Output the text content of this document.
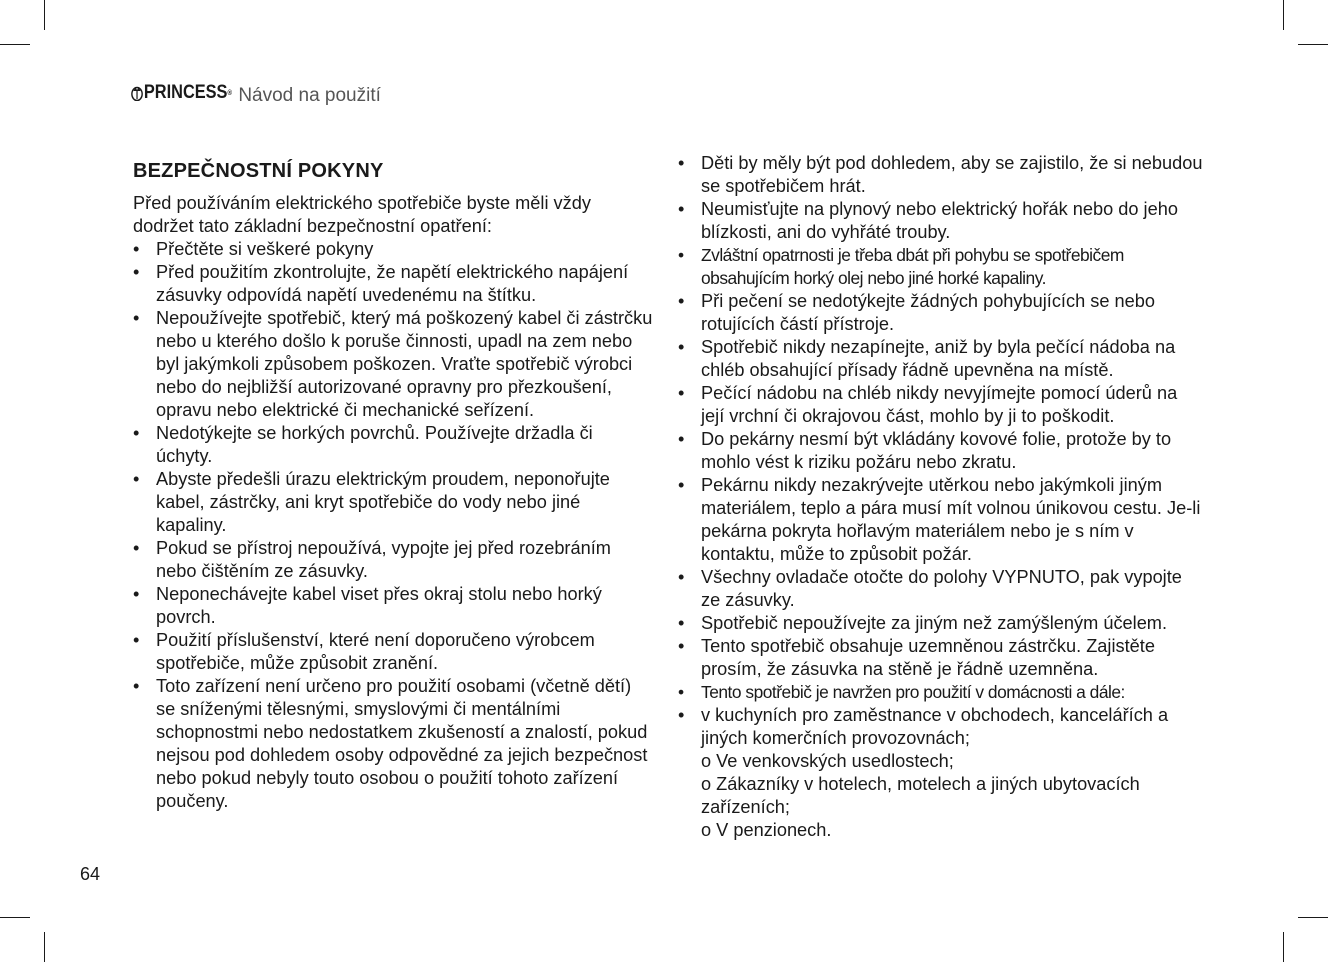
PRINCESS ® Návod na použití
BEZPEČNOSTNÍ POKYNY

Před používáním elektrického spotřebiče byste měli vždy dodržet tato základní bezpečnostní opatření:

• Přečtěte si veškeré pokyny
• Před použitím zkontrolujte, že napětí elektrického napájení zásuvky odpovídá napětí uvedenému na štítku.
• Nepoužívejte spotřebič, který má poškozený kabel či zástrčku nebo u kterého došlo k poruše činnosti, upadl na zem nebo byl jakýmkoli způsobem poškozen. Vraťte spotřebič výrobci nebo do nejbližší autorizované opravny pro přezkoušení, opravu nebo elektrické či mechanické seřízení.
• Nedotýkejte se horkých povrchů. Používejte držadla či úchyty.
• Abyste předešli úrazu elektrickým proudem, neponořujte kabel, zástrčky, ani kryt spotřebiče do vody nebo jiné kapaliny.
• Pokud se přístroj nepoužívá, vypojte jej před rozebráním nebo čištěním ze zásuvky.
• Neponechávejte kabel viset přes okraj stolu nebo horký povrch.
• Použití příslušenství, které není doporučeno výrobcem spotřebiče, může způsobit zranění.
• Toto zařízení není určeno pro použití osobami (včetně dětí) se sníženými tělesnými, smyslovými či mentálními schopnostmi nebo nedostatkem zkušeností a znalostí, pokud nejsou pod dohledem osoby odpovědné za jejich bezpečnost nebo pokud nebyly touto osobou o použití tohoto zařízení poučeny.
• Děti by měly být pod dohledem, aby se zajistilo, že si nebudou se spotřebičem hrát.
• Neumisťujte na plynový nebo elektrický hořák nebo do jeho blízkosti, ani do vyhřáté trouby.
• Zvláštní opatrnosti je třeba dbát při pohybu se spotřebičem obsahujícím horký olej nebo jiné horké kapaliny.
• Při pečení se nedotýkejte žádných pohybujících se nebo rotujících částí přístroje.
• Spotřebič nikdy nezapínejte, aniž by byla pečící nádoba na chléb obsahující přísady řádně upevněna na místě.
• Pečící nádobu na chléb nikdy nevyjímejte pomocí úderů na její vrchní či okrajovou část, mohlo by ji to poškodit.
• Do pekárny nesmí být vkládány kovové folie, protože by to mohlo vést k riziku požáru nebo zkratu.
• Pekárnu nikdy nezakrývejte utěrkou nebo jakýmkoli jiným materiálem, teplo a pára musí mít volnou únikovou cestu. Je-li pekárna pokryta hořlavým materiálem nebo je s ním v kontaktu, může to způsobit požár.
• Všechny ovladače otočte do polohy VYPNUTO, pak vypojte ze zásuvky.
• Spotřebič nepoužívejte za jiným než zamýšleným účelem.
• Tento spotřebič obsahuje uzemněnou zástrčku. Zajistěte prosím, že zásuvka na stěně je řádně uzemněna.
• Tento spotřebič je navržen pro použití v domácnosti a dále:
• v kuchyních pro zaměstnance v obchodech, kancelářích a jiných komerčních provozovnách;
o Ve venkovských usedlostech;
o Zákazníky v hotelech, motelech a jiných ubytovacích zařízeních;
o V penzionech.
64
